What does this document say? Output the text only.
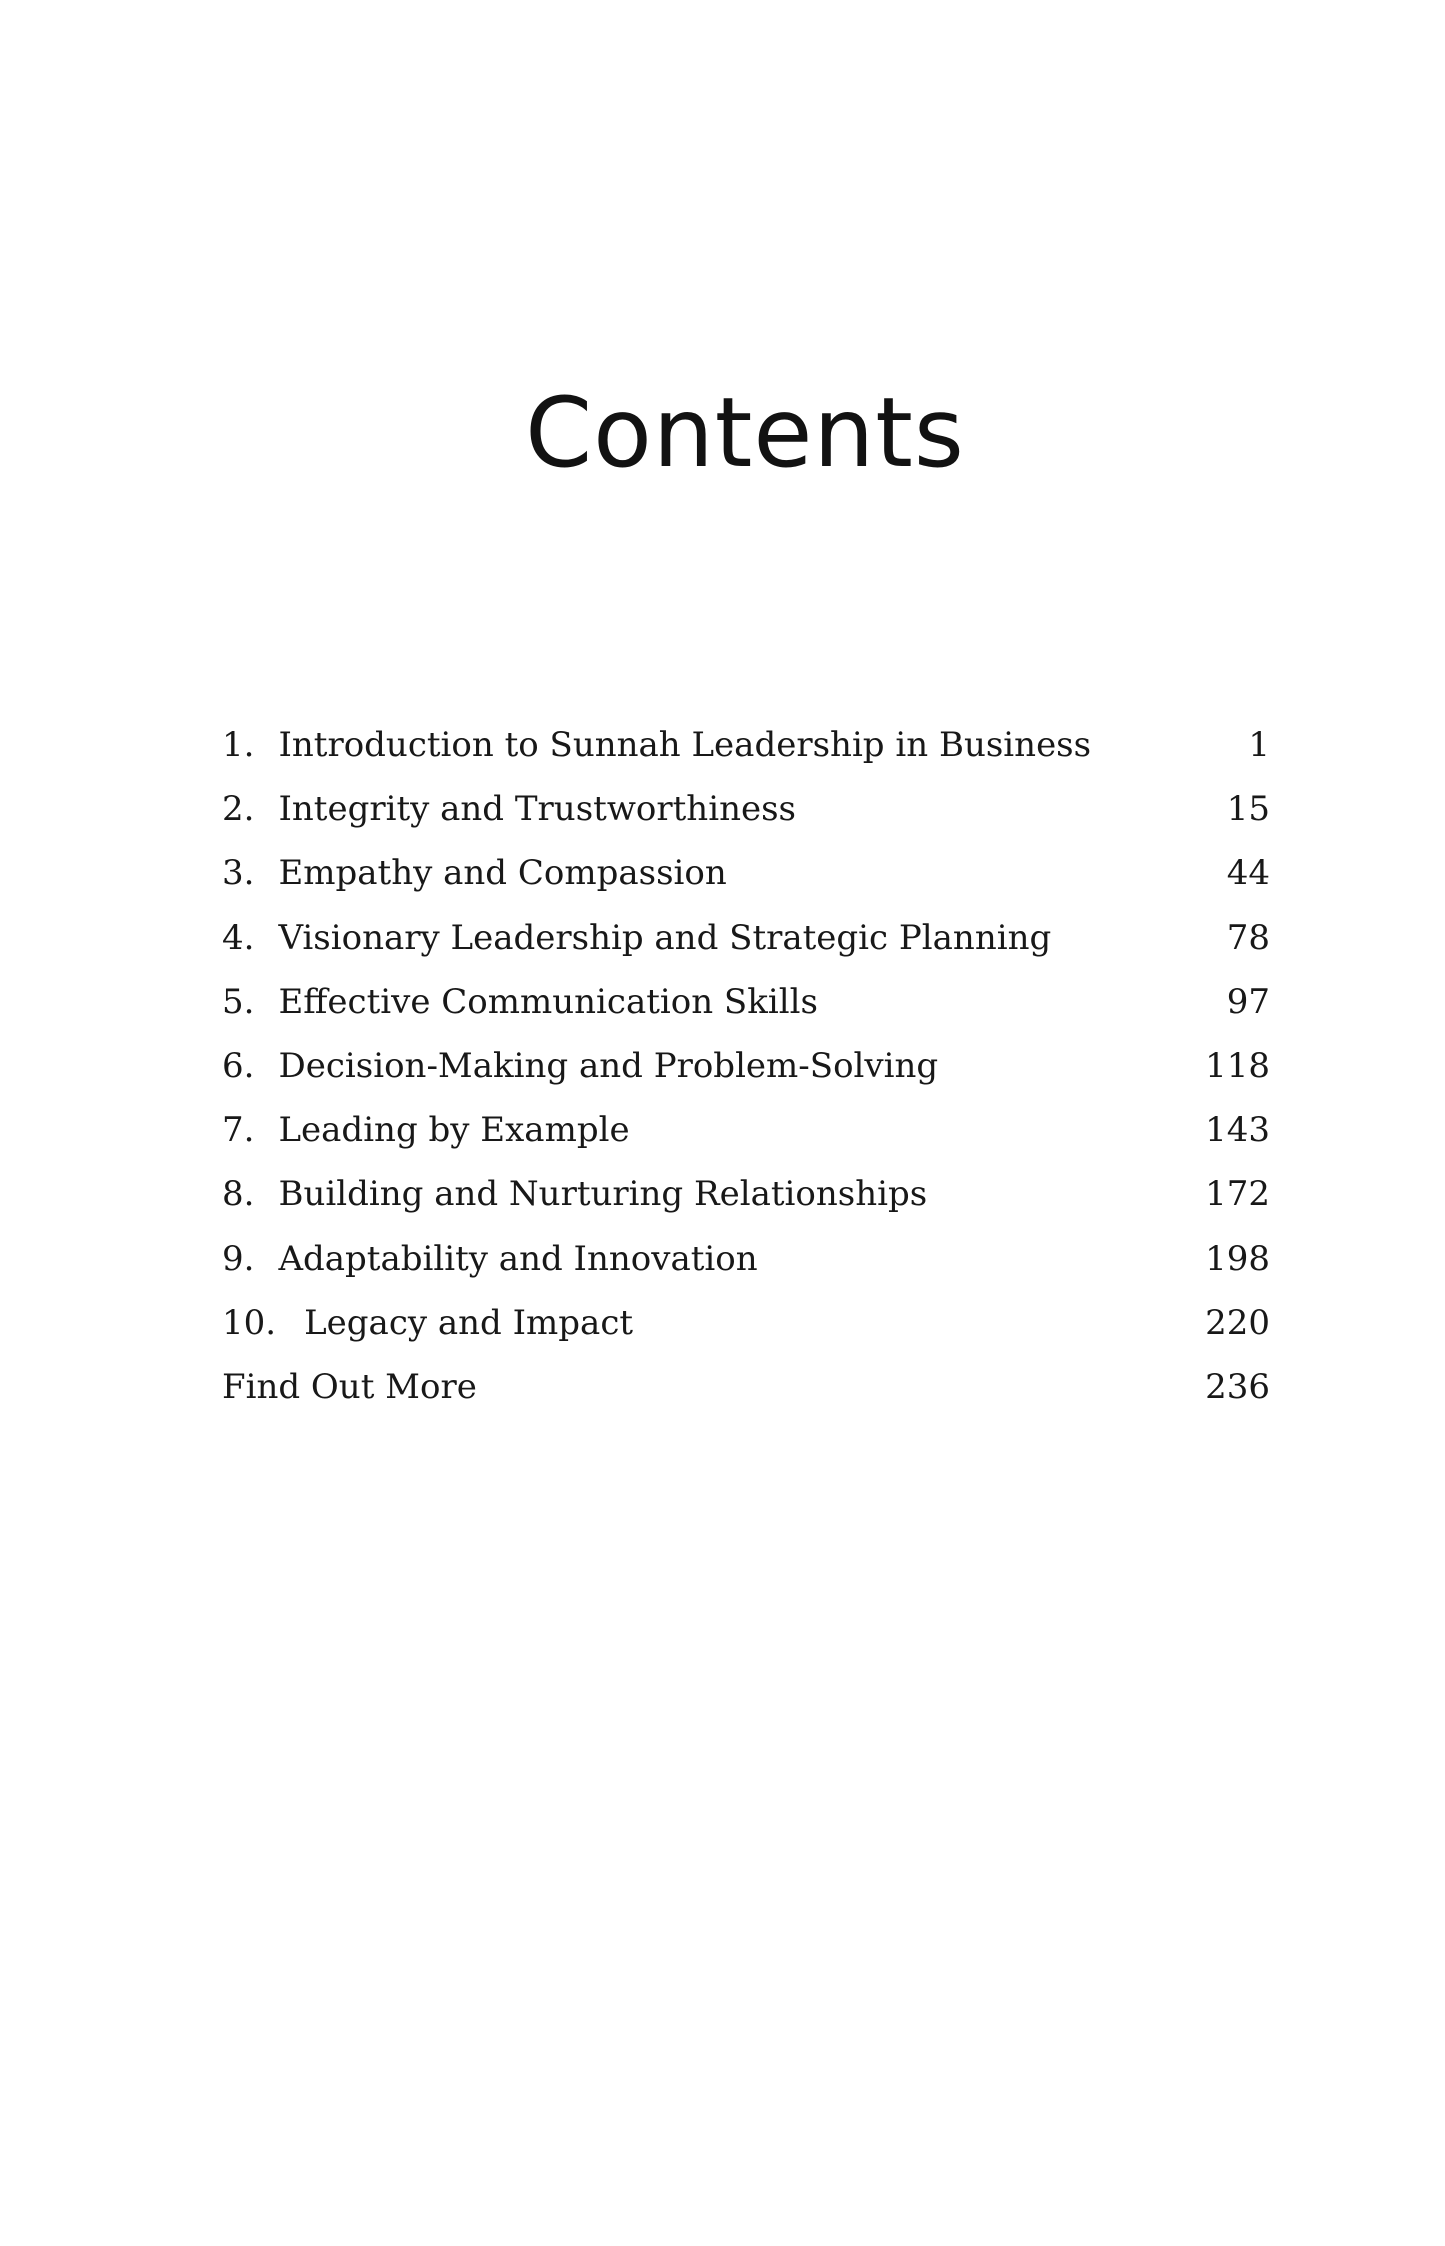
Contents
1. Introduction to Sunnah Leadership in Business	1
2. Integrity and Trustworthiness	15
3. Empathy and Compassion	44
4. Visionary Leadership and Strategic Planning	78
5. Effective Communication Skills	97
6. Decision-Making and Problem-Solving	118
7. Leading by Example	143
8. Building and Nurturing Relationships	172
9. Adaptability and Innovation	198
10. Legacy and Impact	220
Find Out More	236
